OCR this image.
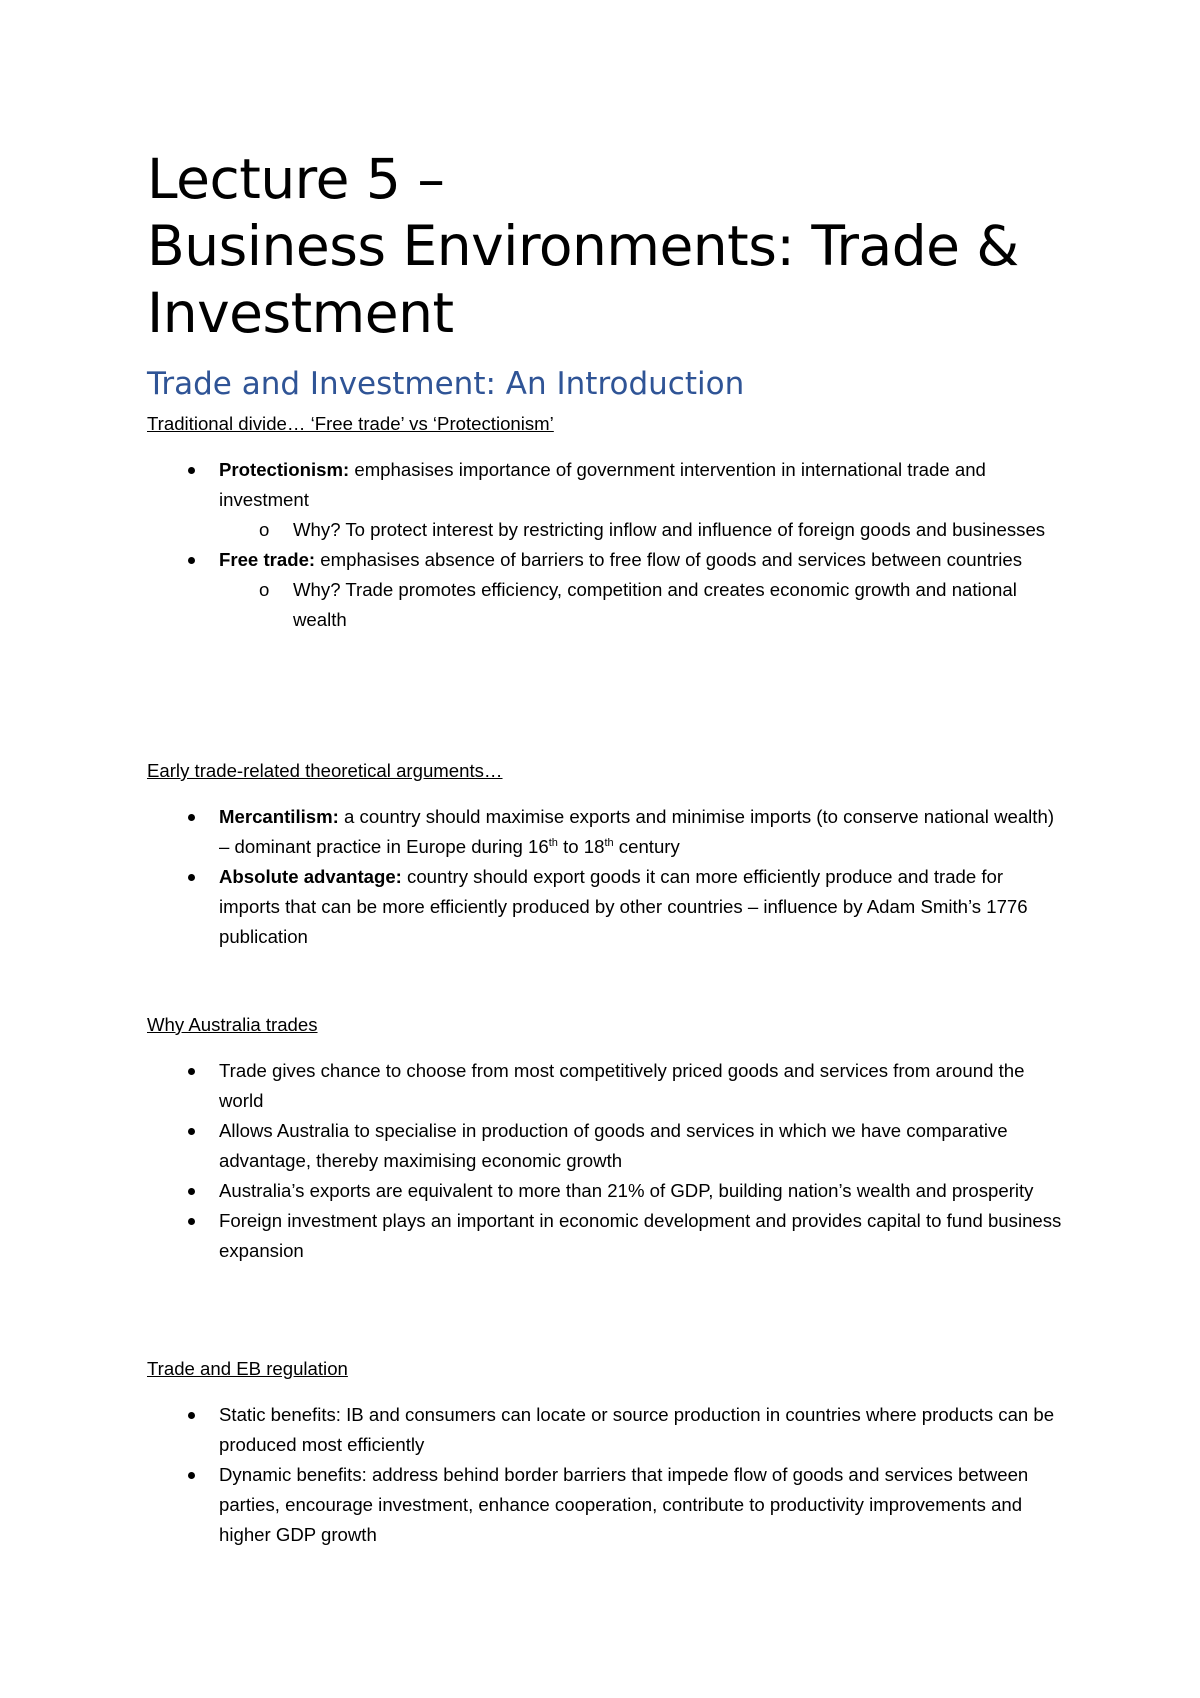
Lecture 5 –
Business Environments: Trade &
Investment
Trade and Investment: An Introduction

Traditional divide… ‘Free trade’ vs ‘Protectionism’

Protectionism: emphasises importance of government intervention in international trade and investment
o Why? To protect interest by restricting inflow and influence of foreign goods and businesses
Free trade: emphasises absence of barriers to free flow of goods and services between countries
o Why? Trade promotes efficiency, competition and creates economic growth and national wealth

Early trade-related theoretical arguments…

Mercantilism: a country should maximise exports and minimise imports (to conserve national wealth) – dominant practice in Europe during 16th to 18th century
Absolute advantage: country should export goods it can more efficiently produce and trade for imports that can be more efficiently produced by other countries – influence by Adam Smith’s 1776 publication

Why Australia trades

Trade gives chance to choose from most competitively priced goods and services from around the world
Allows Australia to specialise in production of goods and services in which we have comparative advantage, thereby maximising economic growth
Australia’s exports are equivalent to more than 21% of GDP, building nation’s wealth and prosperity
Foreign investment plays an important in economic development and provides capital to fund business expansion

Trade and EB regulation

Static benefits: IB and consumers can locate or source production in countries where products can be produced most efficiently
Dynamic benefits: address behind border barriers that impede flow of goods and services between parties, encourage investment, enhance cooperation, contribute to productivity improvements and higher GDP growth
